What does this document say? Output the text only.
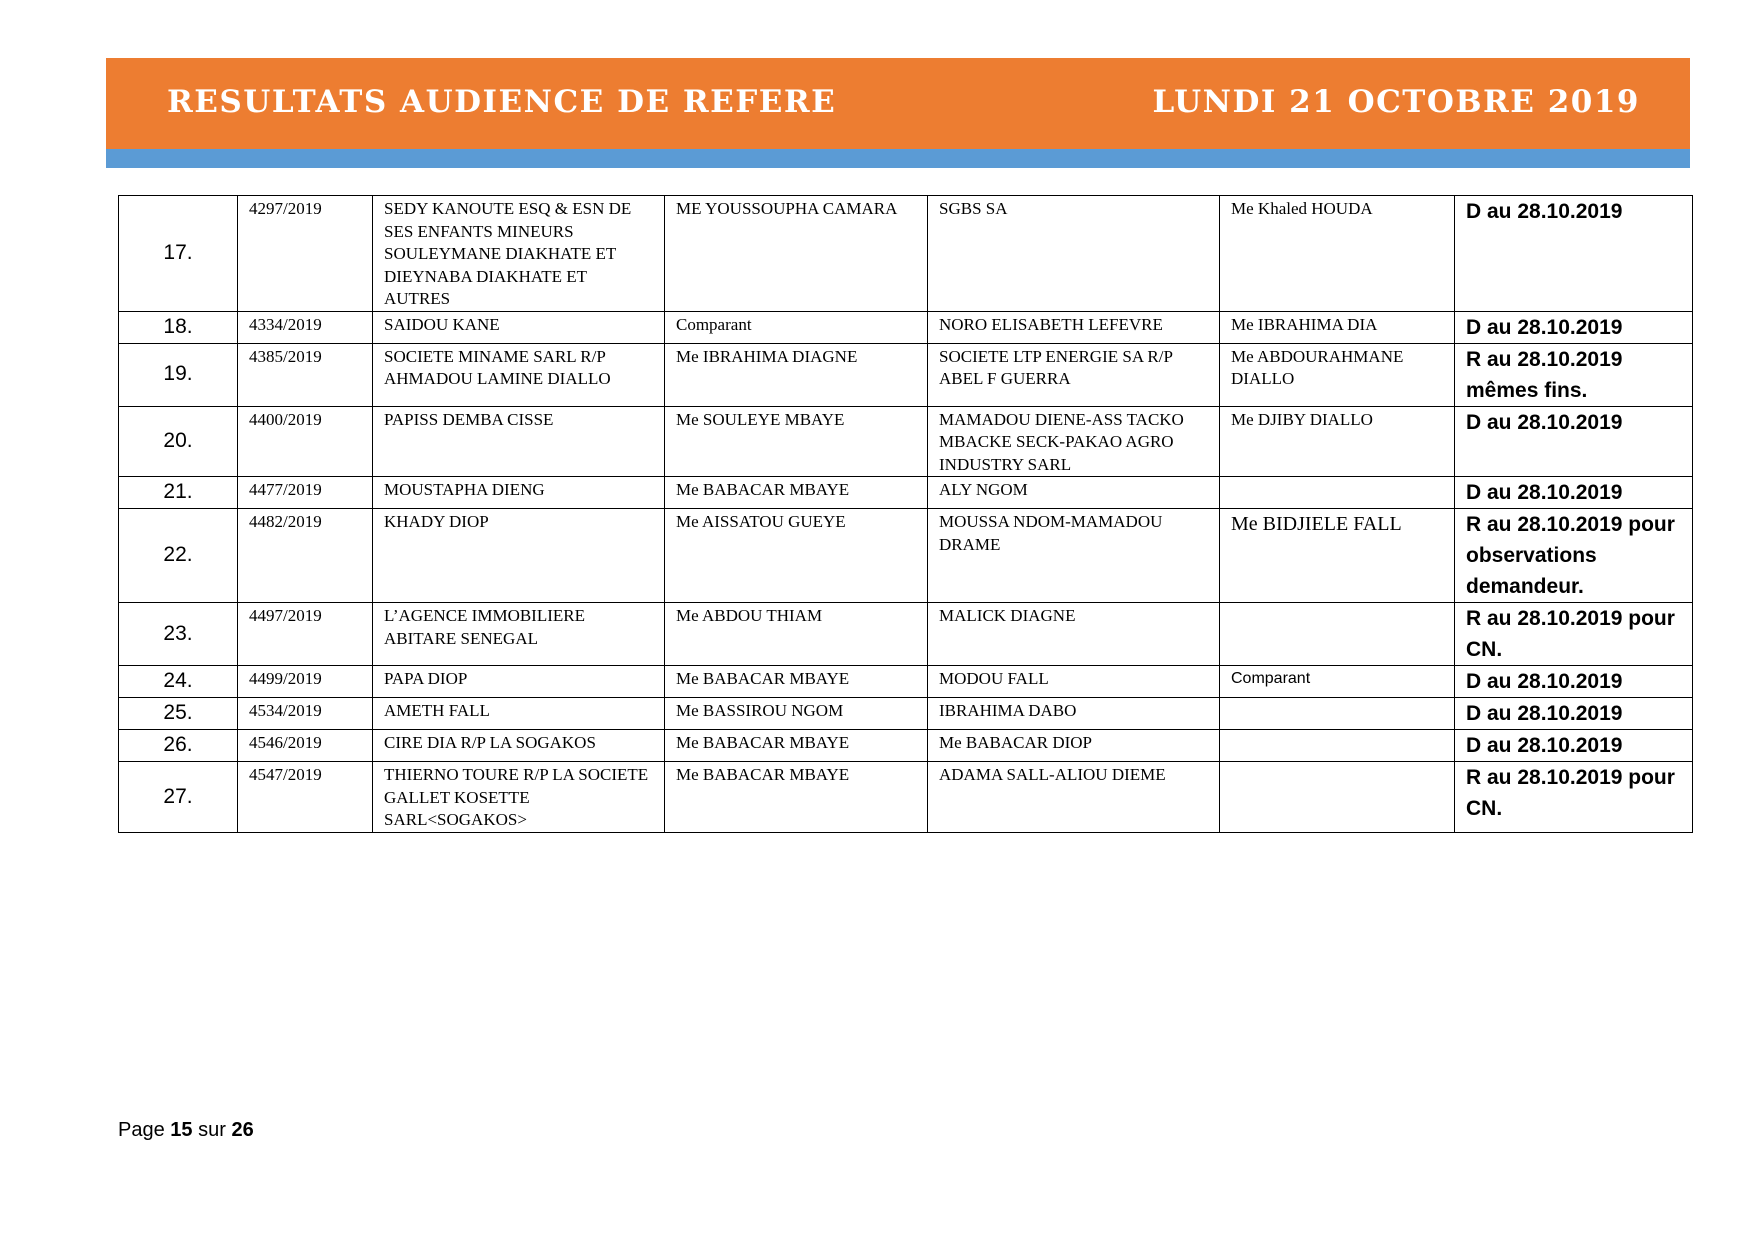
RESULTATS AUDIENCE DE REFERE	LUNDI 21 OCTOBRE 2019
17.	4297/2019	SEDY KANOUTE ESQ & ESN DE SES ENFANTS MINEURS SOULEYMANE DIAKHATE ET DIEYNABA DIAKHATE ET AUTRES	ME YOUSSOUPHA CAMARA	SGBS SA	Me Khaled HOUDA	D au 28.10.2019
18.	4334/2019	SAIDOU KANE	Comparant	NORO ELISABETH LEFEVRE	Me IBRAHIMA DIA	D au 28.10.2019
19.	4385/2019	SOCIETE MINAME SARL R/P AHMADOU LAMINE DIALLO	Me IBRAHIMA DIAGNE	SOCIETE LTP ENERGIE SA R/P ABEL F GUERRA	Me ABDOURAHMANE DIALLO	R au 28.10.2019 mêmes fins.
20.	4400/2019	PAPISS DEMBA CISSE	Me SOULEYE MBAYE	MAMADOU DIENE-ASS TACKO MBACKE SECK-PAKAO AGRO INDUSTRY SARL	Me DJIBY DIALLO	D au 28.10.2019
21.	4477/2019	MOUSTAPHA DIENG	Me BABACAR MBAYE	ALY NGOM		D au 28.10.2019
22.	4482/2019	KHADY DIOP	Me AISSATOU GUEYE	MOUSSA NDOM-MAMADOU DRAME	Me BIDJIELE FALL	R au 28.10.2019 pour observations demandeur.
23.	4497/2019	L’AGENCE IMMOBILIERE ABITARE SENEGAL	Me ABDOU THIAM	MALICK DIAGNE		R au 28.10.2019 pour CN.
24.	4499/2019	PAPA DIOP	Me BABACAR MBAYE	MODOU FALL	Comparant	D au 28.10.2019
25.	4534/2019	AMETH FALL	Me BASSIROU NGOM	IBRAHIMA DABO		D au 28.10.2019
26.	4546/2019	CIRE DIA R/P LA SOGAKOS	Me BABACAR MBAYE	Me BABACAR DIOP		D au 28.10.2019
27.	4547/2019	THIERNO TOURE R/P LA SOCIETE GALLET KOSETTE SARL<SOGAKOS>	Me BABACAR MBAYE	ADAMA SALL-ALIOU DIEME		R au 28.10.2019 pour CN.
Page 15 sur 26
